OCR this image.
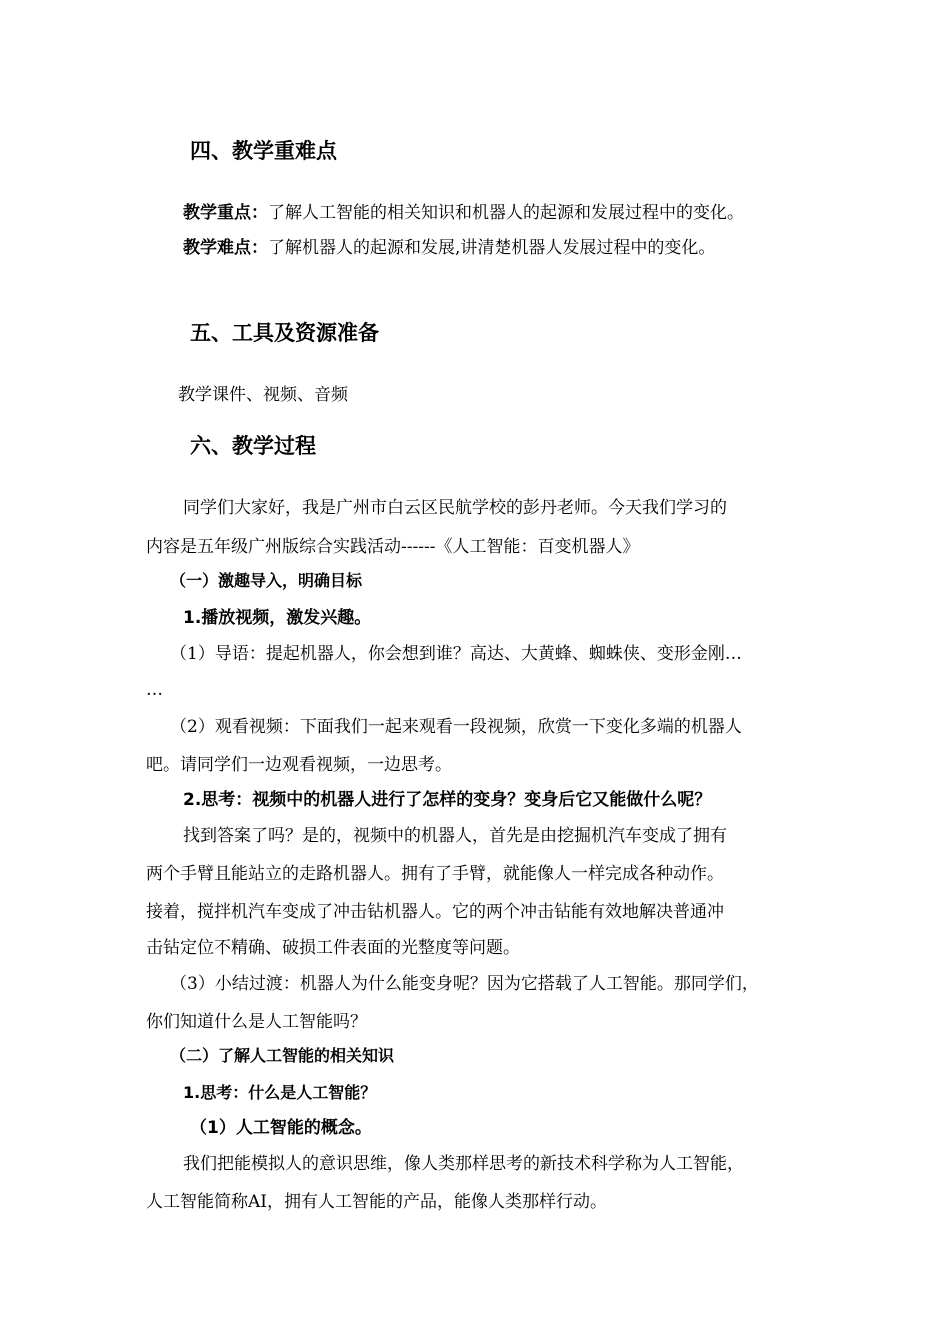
四、教学重难点
教学重点：了解人工智能的相关知识和机器人的起源和发展过程中的变化。
教学难点：了解机器人的起源和发展,讲清楚机器人发展过程中的变化。
五、工具及资源准备
教学课件、视频、音频
六、教学过程
同学们大家好，我是广州市白云区民航学校的彭丹老师。今天我们学习的
内容是五年级广州版综合实践活动------《人工智能：百变机器人》
（一）激趣导入，明确目标
1.播放视频，激发兴趣。
（1）导语：提起机器人，你会想到谁？高达、大黄蜂、蜘蛛侠、变形金刚…
…
（2）观看视频：下面我们一起来观看一段视频，欣赏一下变化多端的机器人
吧。请同学们一边观看视频，一边思考。
2.思考：视频中的机器人进行了怎样的变身？变身后它又能做什么呢？
找到答案了吗？是的，视频中的机器人，首先是由挖掘机汽车变成了拥有
两个手臂且能站立的走路机器人。拥有了手臂，就能像人一样完成各种动作。
接着，搅拌机汽车变成了冲击钻机器人。它的两个冲击钻能有效地解决普通冲
击钻定位不精确、破损工件表面的光整度等问题。
（3）小结过渡：机器人为什么能变身呢？因为它搭载了人工智能。那同学们，
你们知道什么是人工智能吗？
（二）了解人工智能的相关知识
1.思考：什么是人工智能？
（1）人工智能的概念。
我们把能模拟人的意识思维，像人类那样思考的新技术科学称为人工智能，
人工智能简称AI，拥有人工智能的产品，能像人类那样行动。
